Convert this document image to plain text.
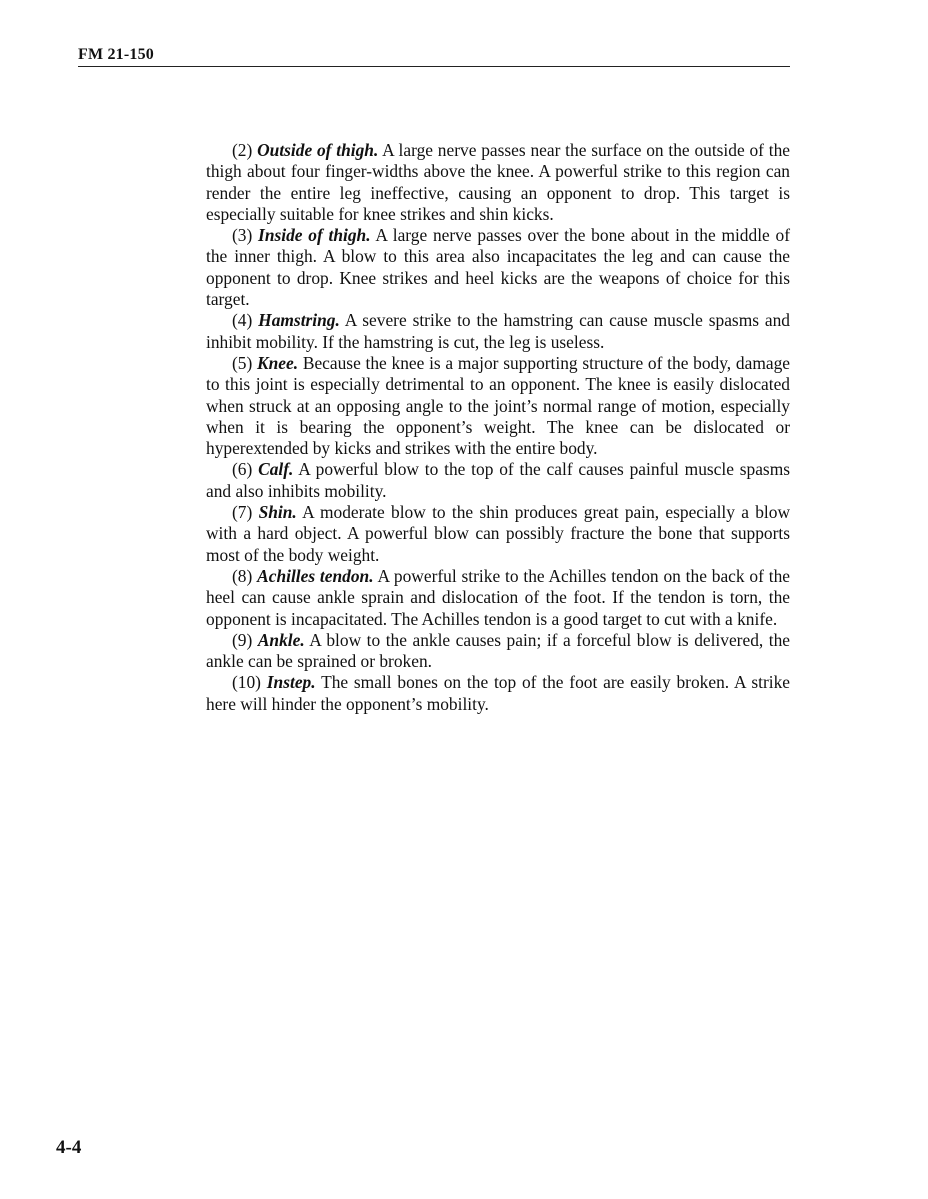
FM 21-150

(2) Outside of thigh. A large nerve passes near the surface on the outside of the thigh about four finger-widths above the knee. A powerful strike to this region can render the entire leg ineffective, causing an opponent to drop. This target is especially suitable for knee strikes and shin kicks.

(3) Inside of thigh. A large nerve passes over the bone about in the middle of the inner thigh. A blow to this area also incapacitates the leg and can cause the opponent to drop. Knee strikes and heel kicks are the weapons of choice for this target.

(4) Hamstring. A severe strike to the hamstring can cause muscle spasms and inhibit mobility. If the hamstring is cut, the leg is useless.

(5) Knee. Because the knee is a major supporting structure of the body, damage to this joint is especially detrimental to an opponent. The knee is easily dislocated when struck at an opposing angle to the joint’s normal range of motion, especially when it is bearing the opponent’s weight. The knee can be dislocated or hyperextended by kicks and strikes with the entire body.

(6) Calf. A powerful blow to the top of the calf causes painful muscle spasms and also inhibits mobility.

(7) Shin. A moderate blow to the shin produces great pain, especially a blow with a hard object. A powerful blow can possibly fracture the bone that supports most of the body weight.

(8) Achilles tendon. A powerful strike to the Achilles tendon on the back of the heel can cause ankle sprain and dislocation of the foot. If the tendon is torn, the opponent is incapacitated. The Achilles tendon is a good target to cut with a knife.

(9) Ankle. A blow to the ankle causes pain; if a forceful blow is delivered, the ankle can be sprained or broken.

(10) Instep. The small bones on the top of the foot are easily broken. A strike here will hinder the opponent’s mobility.

4-4
